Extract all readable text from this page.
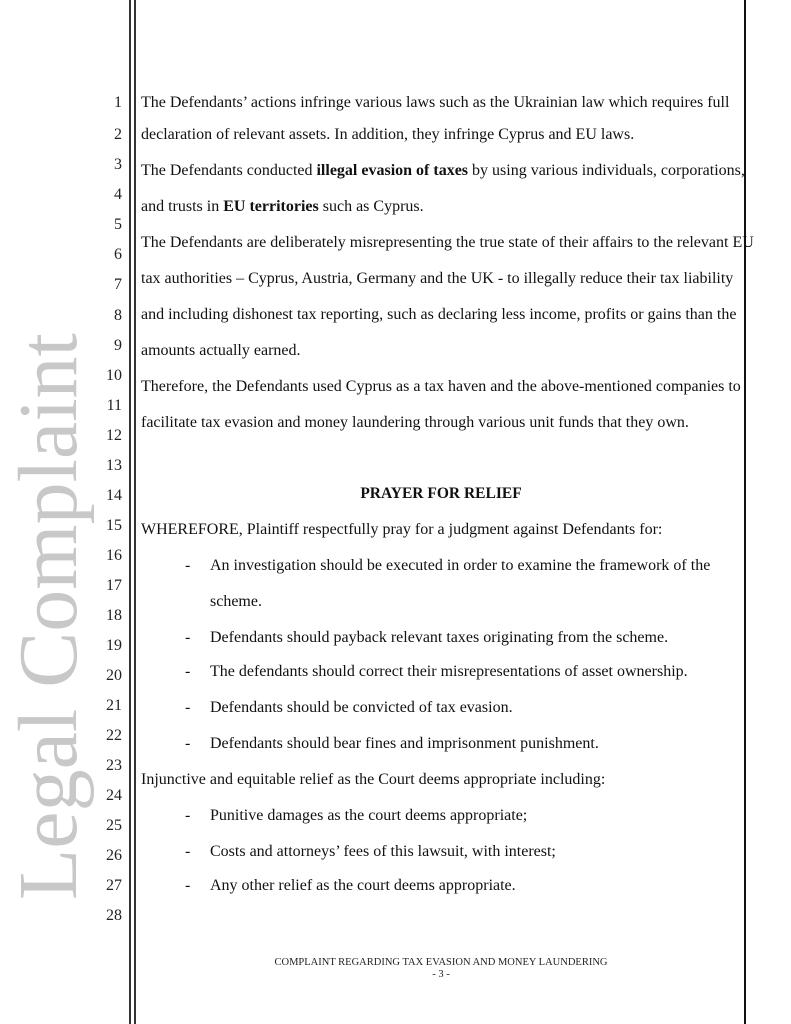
Legal Complaint
1
2
3
4
5
6
7
8
9
10
11
12
13
14
15
16
17
18
19
20
21
22
23
24
25
26
27
28
The Defendants’ actions infringe various laws such as the Ukrainian law which requires full
declaration of relevant assets. In addition, they infringe Cyprus and EU laws.
The Defendants conducted illegal evasion of taxes by using various individuals, corporations,
and trusts in EU territories such as Cyprus.
The Defendants are deliberately misrepresenting the true state of their affairs to the relevant EU
tax authorities – Cyprus, Austria, Germany and the UK - to illegally reduce their tax liability
and including dishonest tax reporting, such as declaring less income, profits or gains than the
amounts actually earned.
Therefore, the Defendants used Cyprus as a tax haven and the above-mentioned companies to
facilitate tax evasion and money laundering through various unit funds that they own.
PRAYER FOR RELIEF
WHEREFORE, Plaintiff respectfully pray for a judgment against Defendants for:
- An investigation should be executed in order to examine the framework of the
scheme.
- Defendants should payback relevant taxes originating from the scheme.
- The defendants should correct their misrepresentations of asset ownership.
- Defendants should be convicted of tax evasion.
- Defendants should bear fines and imprisonment punishment.
Injunctive and equitable relief as the Court deems appropriate including:
- Punitive damages as the court deems appropriate;
- Costs and attorneys’ fees of this lawsuit, with interest;
- Any other relief as the court deems appropriate.
COMPLAINT REGARDING TAX EVASION AND MONEY LAUNDERING
- 3 -
